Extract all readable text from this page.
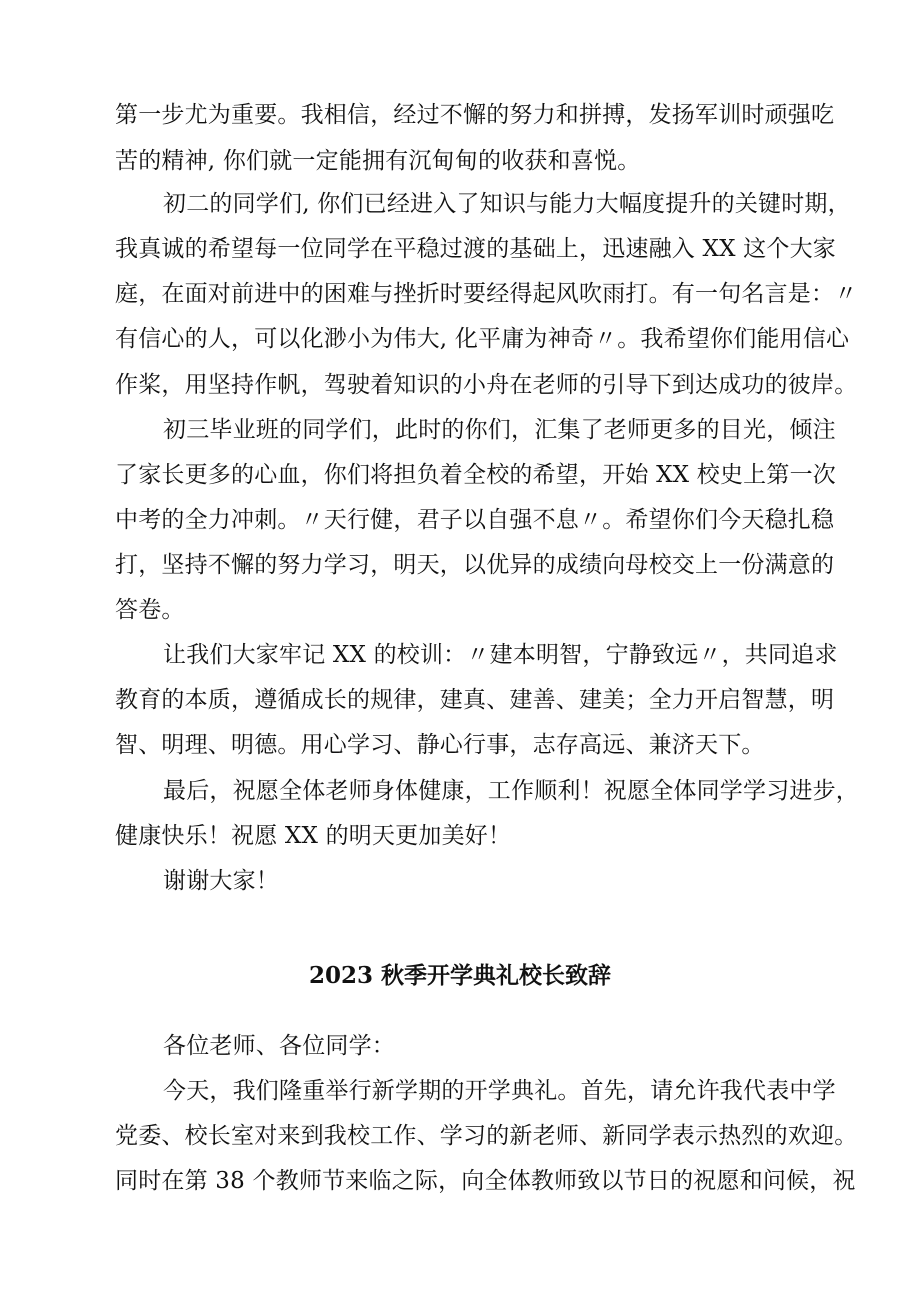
第一步尤为重要。我相信，经过不懈的努力和拼搏，发扬军训时顽强吃
苦的精神, 你们就一定能拥有沉甸甸的收获和喜悦。
初二的同学们, 你们已经进入了知识与能力大幅度提升的关键时期，
我真诚的希望每一位同学在平稳过渡的基础上，迅速融入 XX 这个大家
庭，在面对前进中的困难与挫折时要经得起风吹雨打。有一句名言是：〃
有信心的人，可以化渺小为伟大, 化平庸为神奇〃。我希望你们能用信心
作桨，用坚持作帆，驾驶着知识的小舟在老师的引导下到达成功的彼岸。
初三毕业班的同学们，此时的你们，汇集了老师更多的目光，倾注
了家长更多的心血，你们将担负着全校的希望，开始 XX 校史上第一次
中考的全力冲刺。〃天行健，君子以自强不息〃。希望你们今天稳扎稳
打，坚持不懈的努力学习，明天，以优异的成绩向母校交上一份满意的
答卷。
让我们大家牢记 XX 的校训：〃建本明智，宁静致远〃，共同追求
教育的本质，遵循成长的规律，建真、建善、建美；全力开启智慧，明
智、明理、明德。用心学习、静心行事，志存高远、兼济天下。
最后，祝愿全体老师身体健康，工作顺利！祝愿全体同学学习进步，
健康快乐！祝愿 XX 的明天更加美好！
谢谢大家！
2023 秋季开学典礼校长致辞
各位老师、各位同学：
今天，我们隆重举行新学期的开学典礼。首先，请允许我代表中学
党委、校长室对来到我校工作、学习的新老师、新同学表示热烈的欢迎。
同时在第 38 个教师节来临之际，向全体教师致以节日的祝愿和问候，祝
